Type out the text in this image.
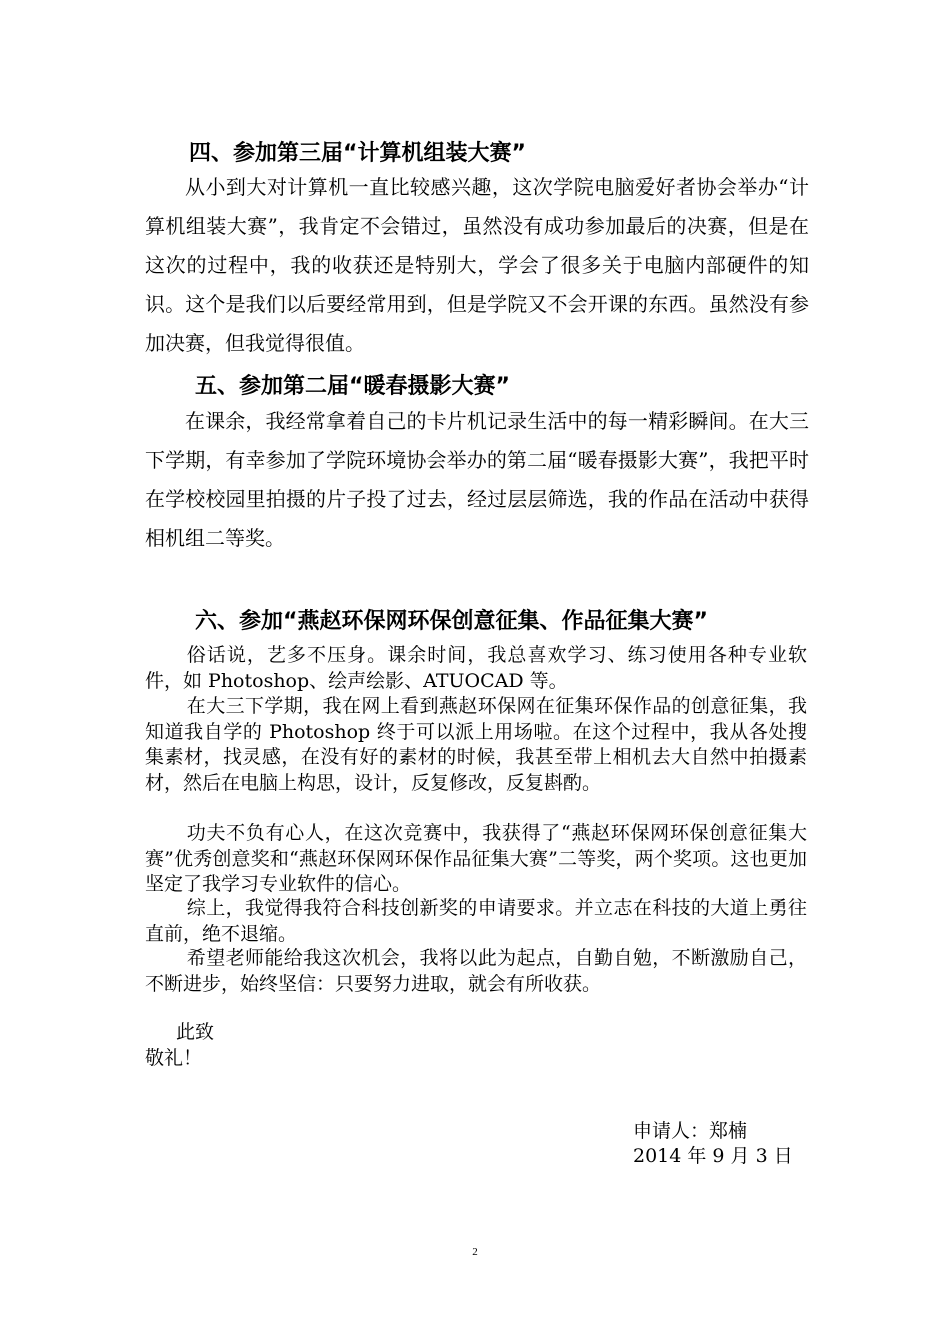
四、参加第三届“计算机组装大赛”

从小到大对计算机一直比较感兴趣，这次学院电脑爱好者协会举办“计算机组装大赛”，我肯定不会错过，虽然没有成功参加最后的决赛，但是在这次的过程中，我的收获还是特别大，学会了很多关于电脑内部硬件的知识。这个是我们以后要经常用到，但是学院又不会开课的东西。虽然没有参加决赛，但我觉得很值。

五、参加第二届“暖春摄影大赛”

在课余，我经常拿着自己的卡片机记录生活中的每一精彩瞬间。在大三下学期，有幸参加了学院环境协会举办的第二届“暖春摄影大赛”，我把平时在学校校园里拍摄的片子投了过去，经过层层筛选，我的作品在活动中获得相机组二等奖。

六、参加“燕赵环保网环保创意征集、作品征集大赛”

俗话说，艺多不压身。课余时间，我总喜欢学习、练习使用各种专业软件，如 Photoshop、绘声绘影、ATUOCAD 等。

在大三下学期，我在网上看到燕赵环保网在征集环保作品的创意征集，我知道我自学的 Photoshop 终于可以派上用场啦。在这个过程中，我从各处搜集素材，找灵感，在没有好的素材的时候，我甚至带上相机去大自然中拍摄素材，然后在电脑上构思，设计，反复修改，反复斟酌。

功夫不负有心人，在这次竞赛中，我获得了“燕赵环保网环保创意征集大赛”优秀创意奖和“燕赵环保网环保作品征集大赛”二等奖，两个奖项。这也更加坚定了我学习专业软件的信心。

综上，我觉得我符合科技创新奖的申请要求。并立志在科技的大道上勇往直前，绝不退缩。

希望老师能给我这次机会，我将以此为起点，自勤自勉，不断激励自己，不断进步，始终坚信：只要努力进取，就会有所收获。

此致

敬礼！

申请人：郑楠

2014 年 9 月 3 日

2
